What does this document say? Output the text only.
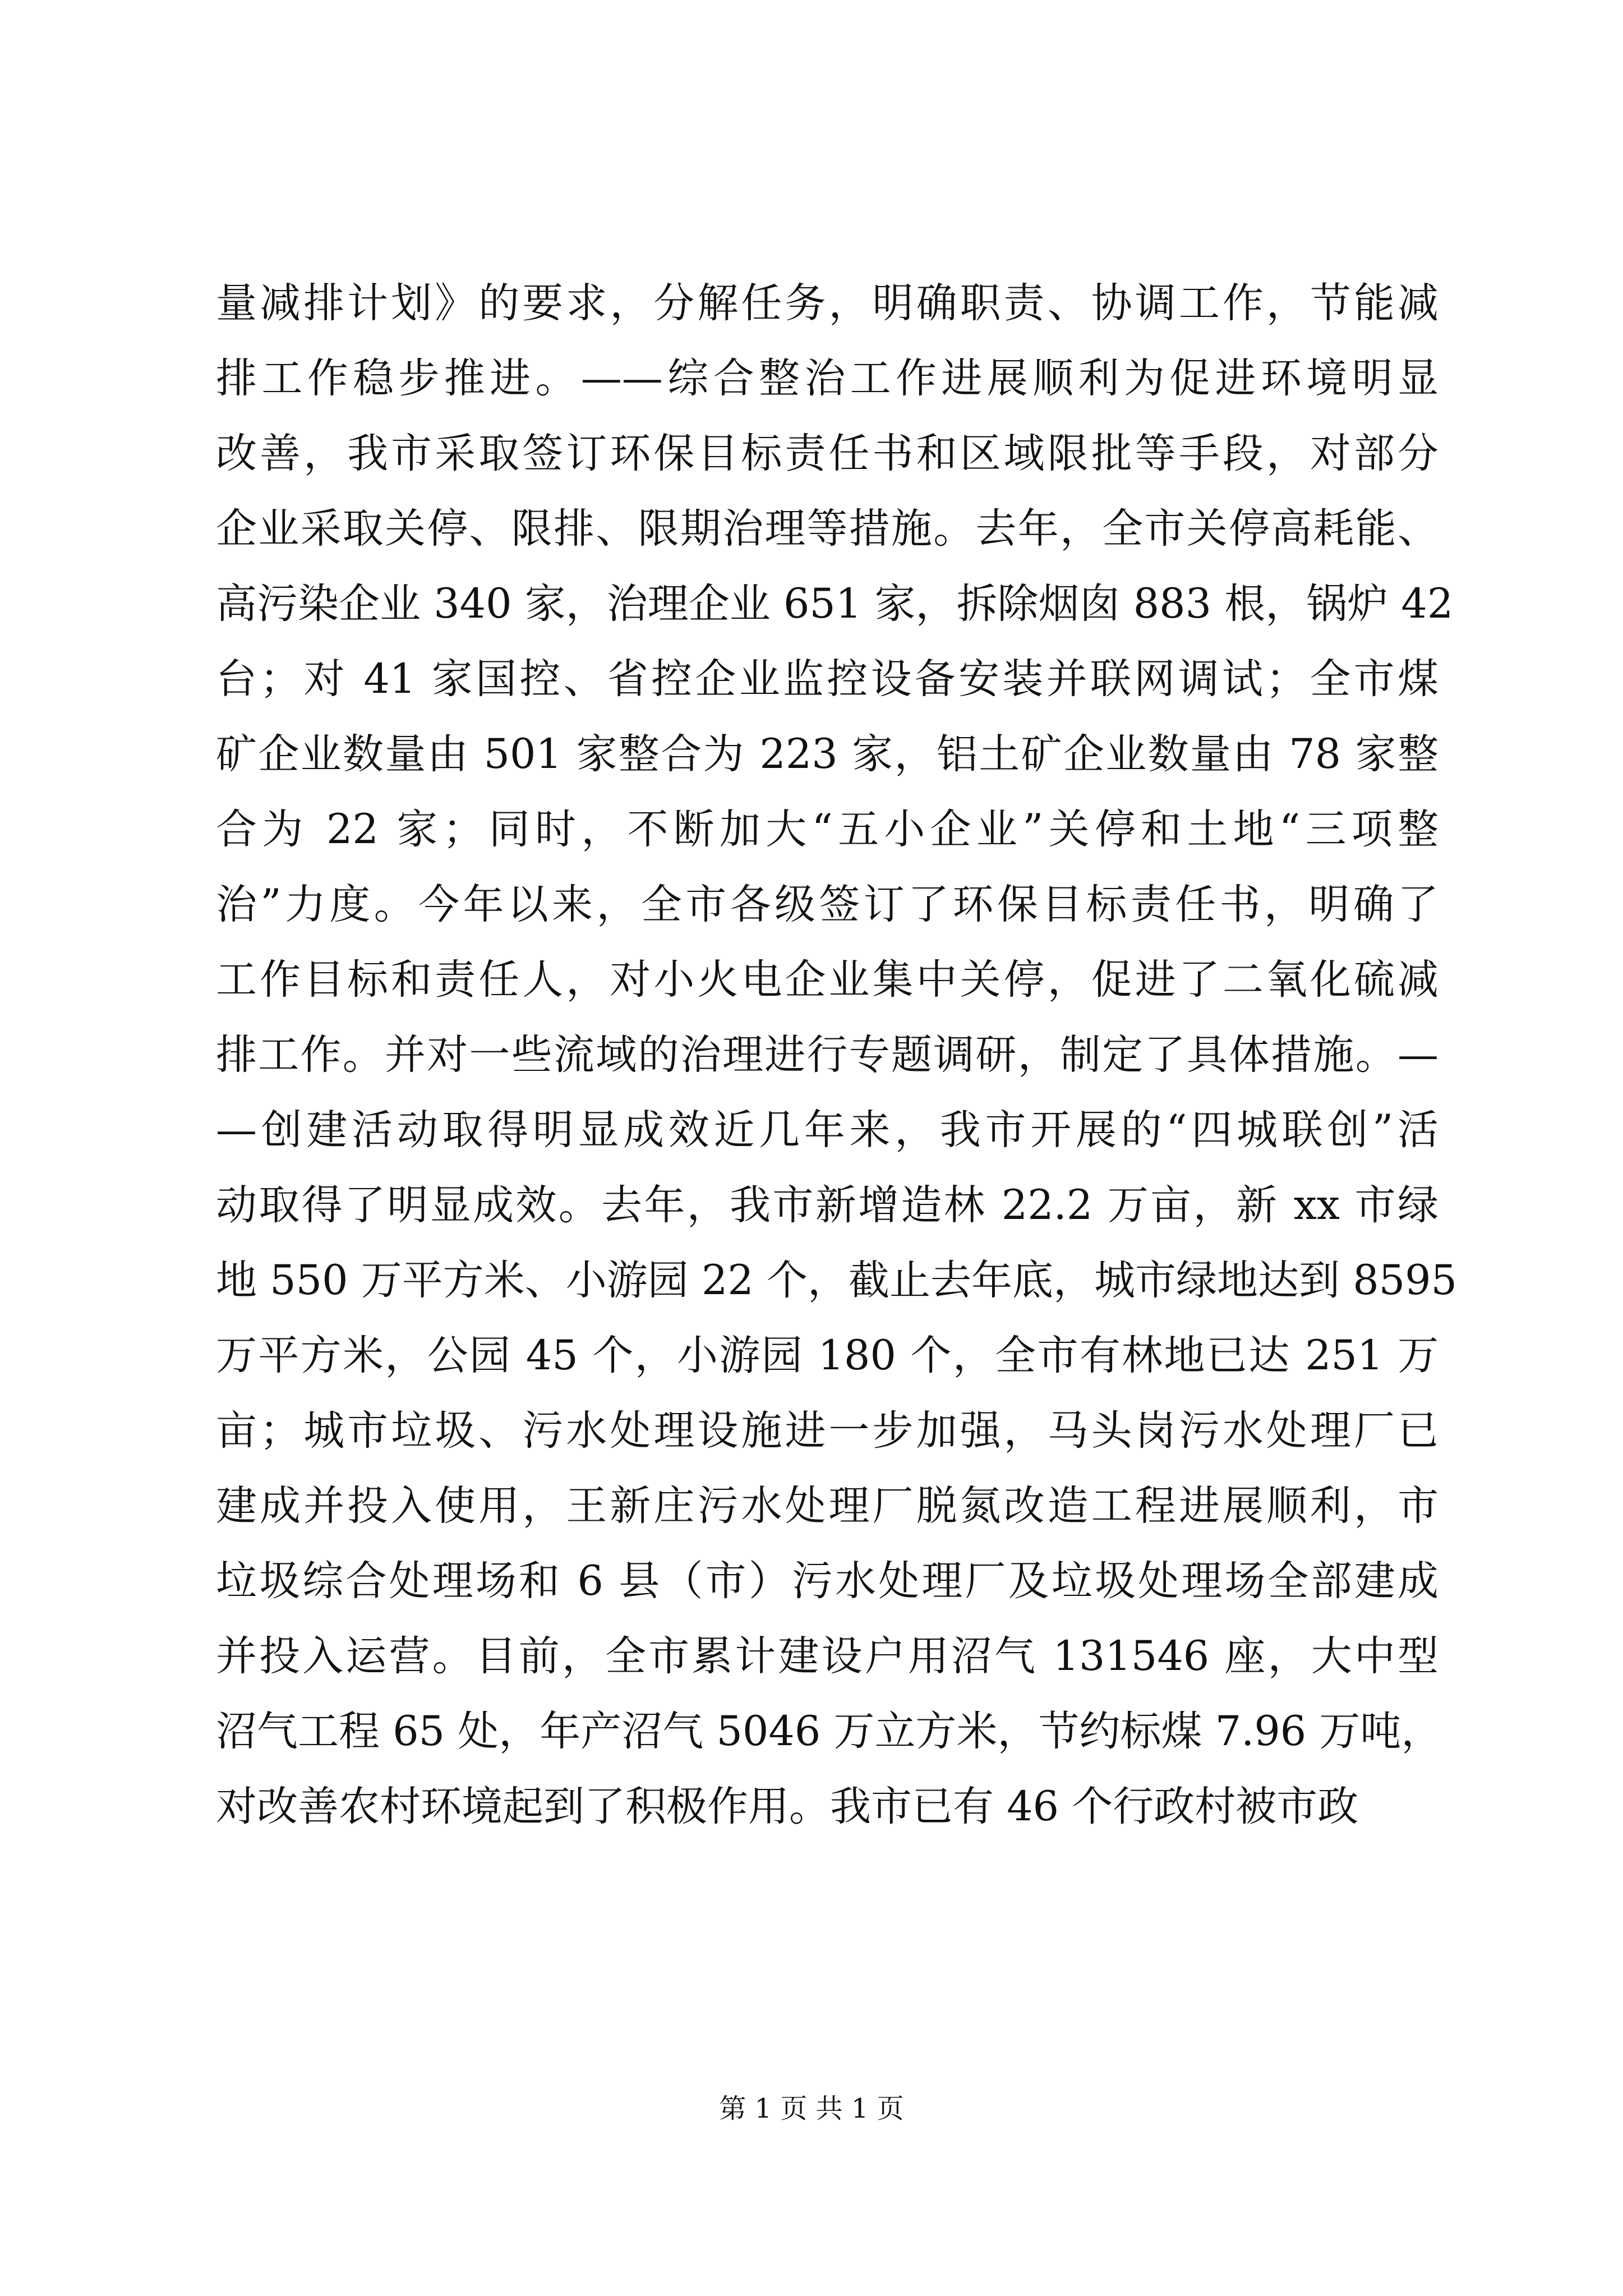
量减排计划》的要求，分解任务，明确职责、协调工作，节能减
排工作稳步推进。——综合整治工作进展顺利为促进环境明显
改善，我市采取签订环保目标责任书和区域限批等手段，对部分
企业采取关停、限排、限期治理等措施。去年，全市关停高耗能、
高污染企业 340 家，治理企业 651 家，拆除烟囱 883 根，锅炉 42
台；对 41 家国控、省控企业监控设备安装并联网调试；全市煤
矿企业数量由 501 家整合为 223 家，铝土矿企业数量由 78 家整
合为 22 家；同时，不断加大“五小企业”关停和土地“三项整
治”力度。今年以来，全市各级签订了环保目标责任书，明确了
工作目标和责任人，对小火电企业集中关停，促进了二氧化硫减
排工作。并对一些流域的治理进行专题调研，制定了具体措施。—
—创建活动取得明显成效近几年来，我市开展的“四城联创”活
动取得了明显成效。去年，我市新增造林 22.2 万亩，新 xx 市绿
地 550 万平方米、小游园 22 个，截止去年底，城市绿地达到 8595
万平方米，公园 45 个，小游园 180 个，全市有林地已达 251 万
亩；城市垃圾、污水处理设施进一步加强，马头岗污水处理厂已
建成并投入使用，王新庄污水处理厂脱氮改造工程进展顺利，市
垃圾综合处理场和 6 县（市）污水处理厂及垃圾处理场全部建成
并投入运营。目前，全市累计建设户用沼气 131546 座，大中型
沼气工程 65 处，年产沼气 5046 万立方米，节约标煤 7.96 万吨，
对改善农村环境起到了积极作用。我市已有 46 个行政村被市政
第 1 页 共 1 页
